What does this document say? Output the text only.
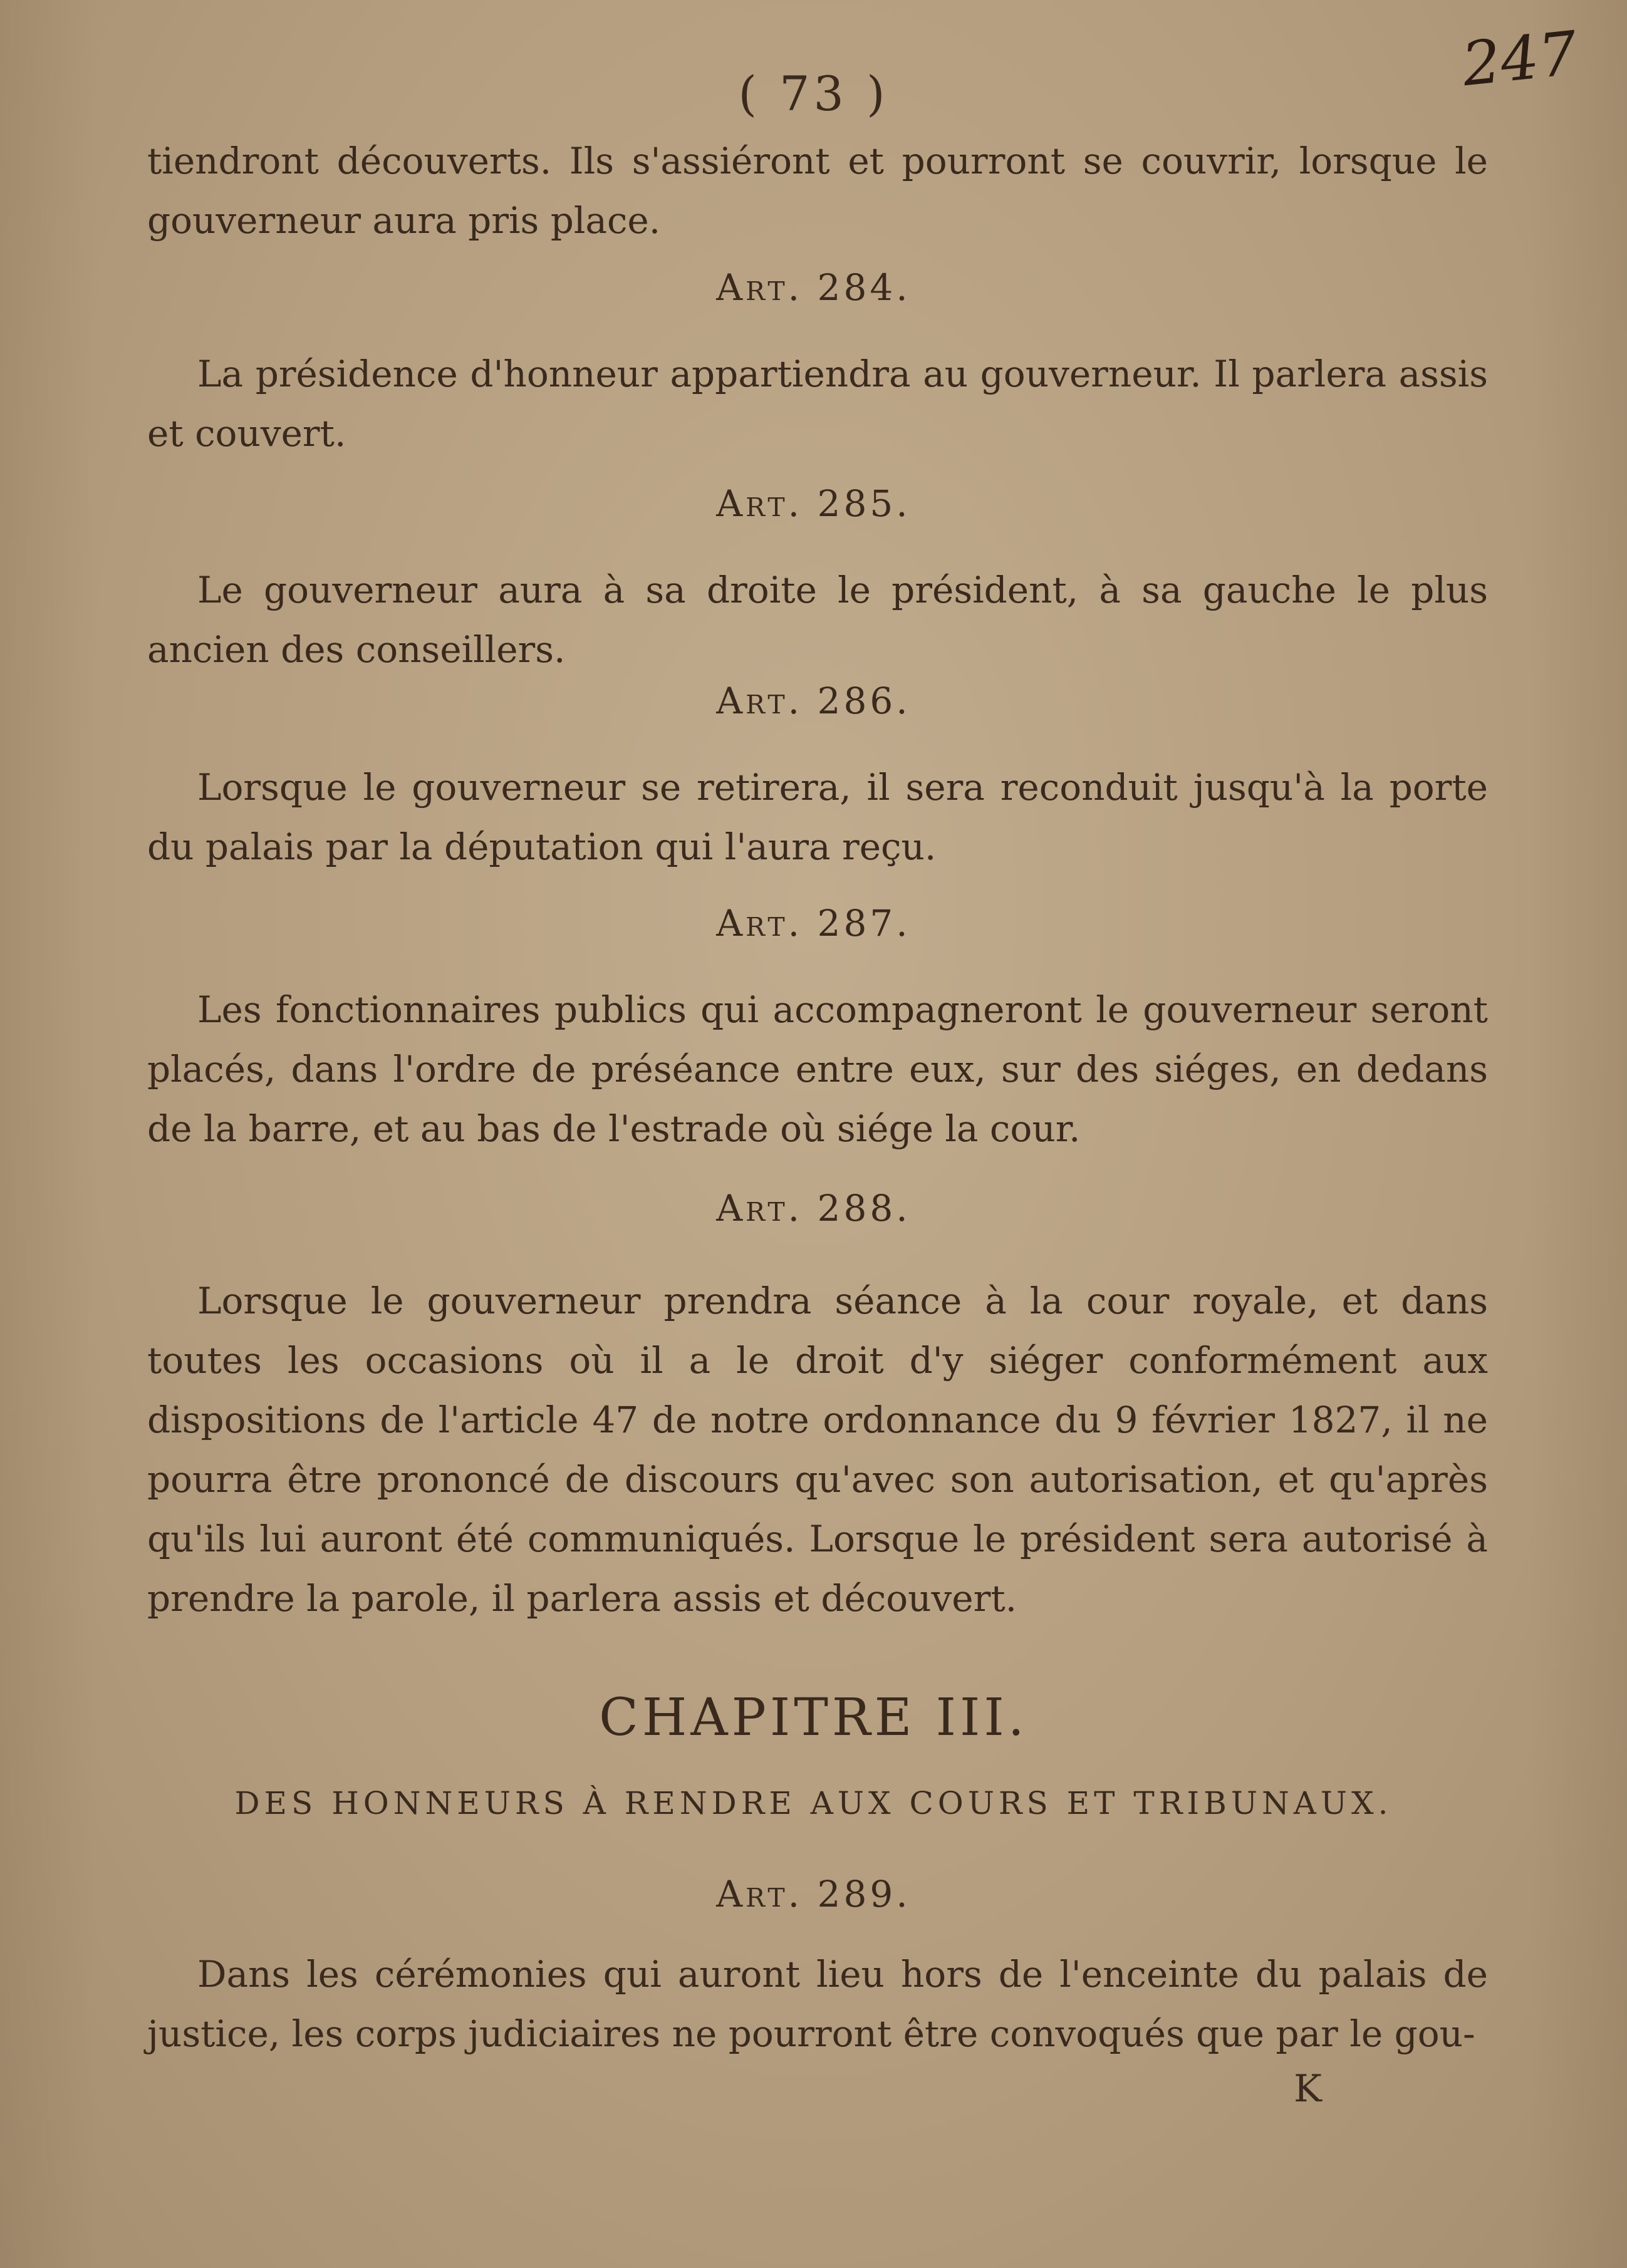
( 73 )	247

tiendront découverts. Ils s'assiéront et pourront se couvrir, lorsque le gouverneur aura pris place.

Art. 284.

La présidence d'honneur appartiendra au gouverneur. Il parlera assis et couvert.

Art. 285.

Le gouverneur aura à sa droite le président, à sa gauche le plus ancien des conseillers.

Art. 286.

Lorsque le gouverneur se retirera, il sera reconduit jusqu'à la porte du palais par la députation qui l'aura reçu.

Art. 287.

Les fonctionnaires publics qui accompagneront le gouverneur seront placés, dans l'ordre de préséance entre eux, sur des siéges, en dedans de la barre, et au bas de l'estrade où siége la cour.

Art. 288.

Lorsque le gouverneur prendra séance à la cour royale, et dans toutes les occasions où il a le droit d'y siéger conformément aux dispositions de l'article 47 de notre ordonnance du 9 février 1827, il ne pourra être prononcé de discours qu'avec son autorisation, et qu'après qu'ils lui auront été communiqués. Lorsque le président sera autorisé à prendre la parole, il parlera assis et découvert.

CHAPITRE III.
DES HONNEURS À RENDRE AUX COURS ET TRIBUNAUX.
Art. 289.

Dans les cérémonies qui auront lieu hors de l'enceinte du palais de justice, les corps judiciaires ne pourront être convoqués que par le gou-

K
